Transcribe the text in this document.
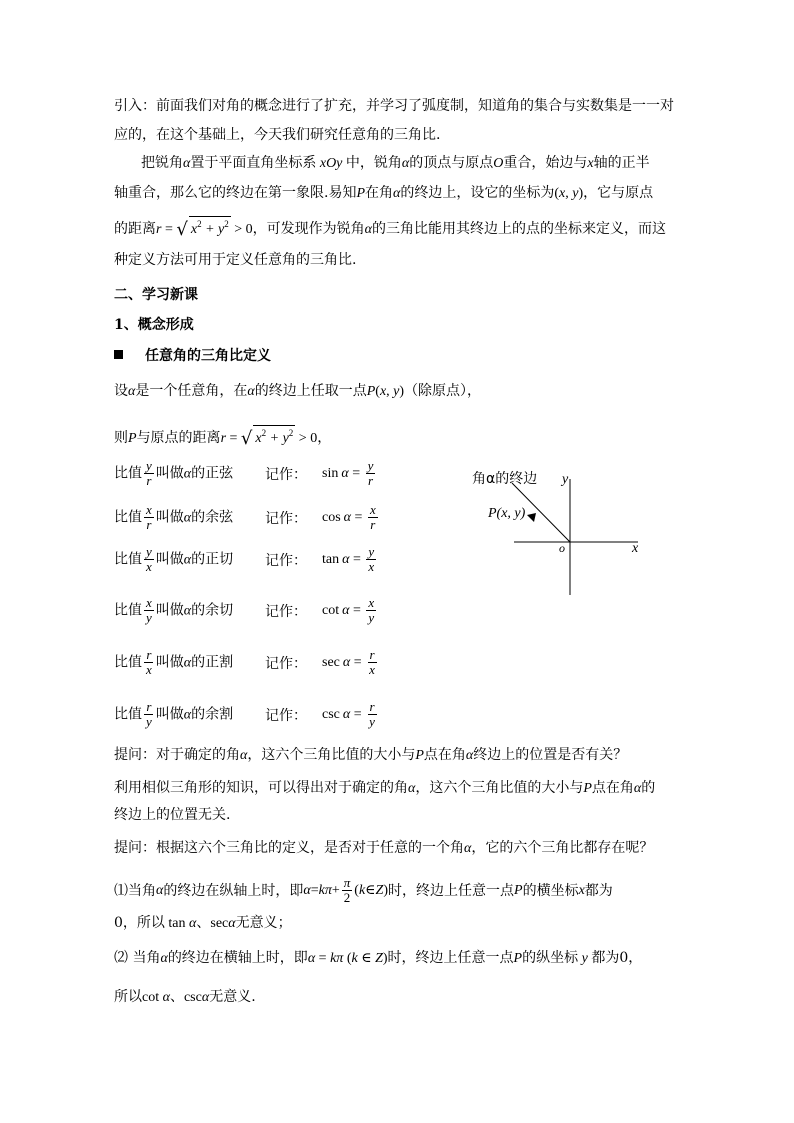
引入：前面我们对角的概念进行了扩充，并学习了弧度制，知道角的集合与实数集是一一对
应的，在这个基础上，今天我们研究任意角的三角比.
把锐角α置于平面直角坐标系 xOy 中，锐角α的顶点与原点O重合，始边与x轴的正半
轴重合，那么它的终边在第一象限.易知P在角α的终边上，设它的坐标为(x, y)，它与原点
的距离r = √ $x^2 + y^2 > 0$，可发现作为锐角α的三角比能用其终边上的点的坐标来定义，而这
种定义方法可用于定义任意角的三角比.
二、学习新课
1、概念形成
任意角的三角比定义
设α是一个任意角，在α的终边上任取一点P(x, y)（除原点），
则P与原点的距离r = √ $x^2 + y^2 > 0$，
比值 $\frac{y}{r}$ 叫做α的正弦 记作： $\sin \alpha = \frac{y}{r}$
比值 $\frac{x}{r}$ 叫做α的余弦 记作： $\cos \alpha = \frac{x}{r}$
比值 $\frac{y}{x}$ 叫做α的正切 记作： $\tan \alpha = \frac{y}{x}$
比值 $\frac{x}{y}$ 叫做α的余切 记作： $\cot \alpha = \frac{x}{y}$
比值 $\frac{r}{x}$ 叫做α的正割 记作： $\sec \alpha = \frac{r}{x}$
比值 $\frac{r}{y}$ 叫做α的余割 记作： $\csc \alpha = \frac{r}{y}$
角α的终边 y
x
o
P(x, y)
提问：对于确定的角α，这六个三角比值的大小与P点在角α终边上的位置是否有关？
利用相似三角形的知识，可以得出对于确定的角α，这六个三角比值的大小与P点在角α的
终边上的位置无关.
提问：根据这六个三角比的定义，是否对于任意的一个角α，它的六个三角比都存在呢？
⑴当角 α 的终边在纵轴上时，即 α = k $\pi + \frac{\pi}{2}$ ( k ∈ Z ) 时，终边上任意一点 P 的横坐标 x 都为
0，所以 tan α、secα无意义；
⑵ 当角α的终边在横轴上时，即α = kπ (k ∈ Z)时，终边上任意一点P的纵坐标 y 都为0，
所以cot α、cscα无意义.
